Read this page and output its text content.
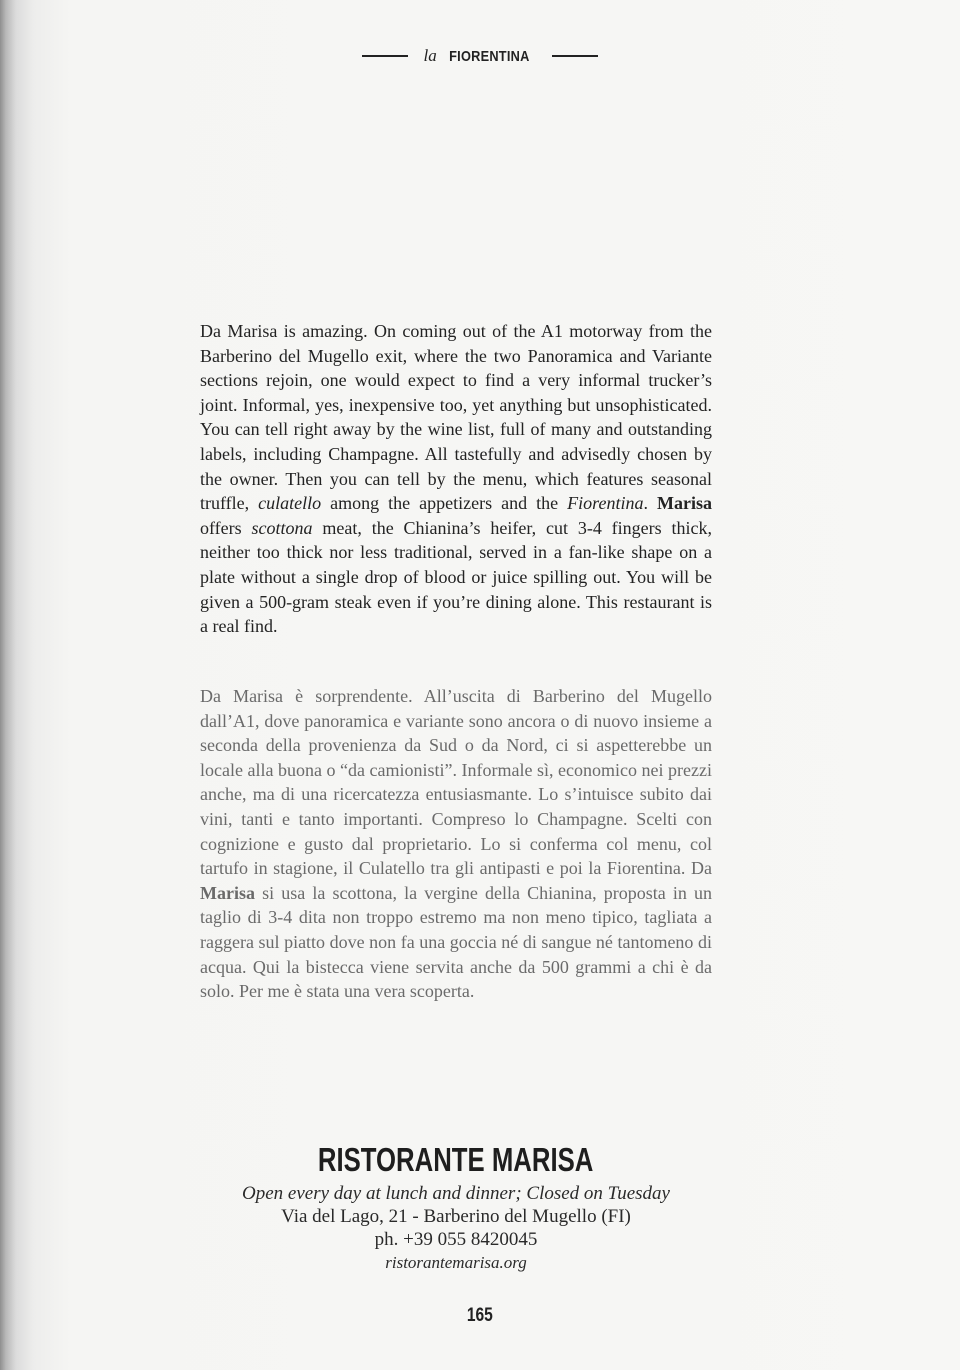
la FIORENTINA

Da Marisa is amazing. On coming out of the A1 motorway from the Barberino del Mugello exit, where the two Panoramica and Variante sections rejoin, one would expect to find a very informal trucker’s joint. Informal, yes, inexpensive too, yet anything but unsophisticated. You can tell right away by the wine list, full of many and outstanding labels, including Champagne. All tastefully and advisedly chosen by the owner. Then you can tell by the menu, which features seasonal truffle, culatello among the appetizers and the Fiorentina. Marisa offers scottona meat, the Chianina’s heifer, cut 3-4 fingers thick, neither too thick nor less traditional, served in a fan-like shape on a plate without a single drop of blood or juice spilling out. You will be given a 500-gram steak even if you’re dining alone. This restaurant is a real find.

Da Marisa è sorprendente. All’uscita di Barberino del Mugello dall’A1, dove panoramica e variante sono ancora o di nuovo insieme a seconda della provenienza da Sud o da Nord, ci si aspetterebbe un locale alla buona o “da camionisti”. Informale sì, economico nei prezzi anche, ma di una ricercatezza entusiasmante. Lo s’intuisce subito dai vini, tanti e tanto importanti. Compreso lo Champagne. Scelti con cognizione e gusto dal proprietario. Lo si conferma col menu, col tartufo in stagione, il Culatello tra gli antipasti e poi la Fiorentina. Da Marisa si usa la scottona, la vergine della Chianina, proposta in un taglio di 3-4 dita non troppo estremo ma non meno tipico, tagliata a raggera sul piatto dove non fa una goccia né di sangue né tantomeno di acqua. Qui la bistecca viene servita anche da 500 grammi a chi è da solo. Per me è stata una vera scoperta.

RISTORANTE MARISA
Open every day at lunch and dinner; Closed on Tuesday
Via del Lago, 21 - Barberino del Mugello (FI)
ph. +39 055 8420045
ristorantemarisa.org
165
